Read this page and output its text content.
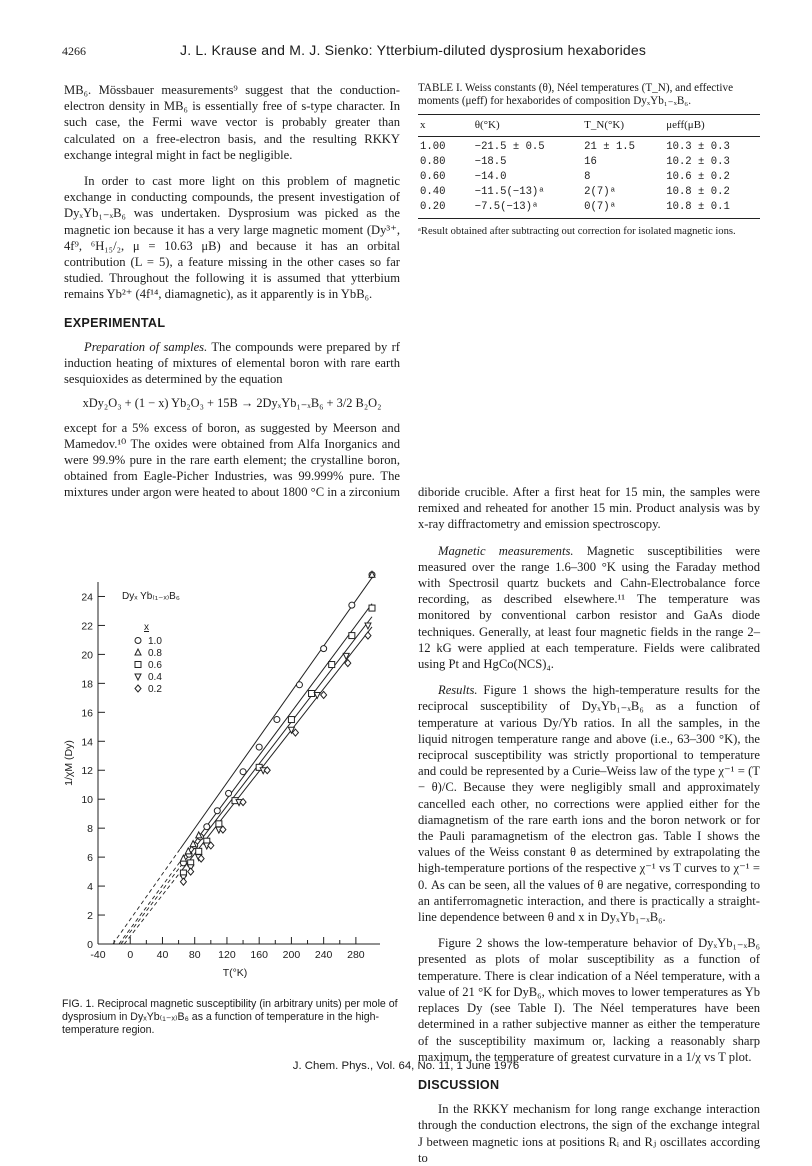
4266	J. L. Krause and M. J. Sienko: Ytterbium-diluted dysprosium hexaborides

MB₆. Mössbauer measurements⁹ suggest that the conduction-electron density in MB₆ is essentially free of s-type character. In such case, the Fermi wave vector is probably greater than calculated on a free-electron basis, and the resulting RKKY exchange integral might in fact be negligible.

In order to cast more light on this problem of magnetic exchange in conducting compounds, the present investigation of DyₓYb₁₋ₓB₆ was undertaken. Dysprosium was picked as the magnetic ion because it has a very large magnetic moment (Dy³⁺, 4f⁹, ⁶H₁₅/₂, μ = 10.63 μB) and because it has an orbital contribution (L = 5), a feature missing in the other cases so far studied. Throughout the following it is assumed that ytterbium remains Yb²⁺ (4f¹⁴, diamagnetic), as it apparently is in YbB₆.

EXPERIMENTAL

Preparation of samples. The compounds were prepared by rf induction heating of mixtures of elemental boron with rare earth sesquioxides as determined by the equation

xDy₂O₃ + (1 − x) Yb₂O₃ + 15B → 2DyₓYb₁₋ₓB₆ + 3/2 B₂O₂

except for a 5% excess of boron, as suggested by Meerson and Mamedov.¹⁰ The oxides were obtained from Alfa Inorganics and were 99.9% pure in the rare earth element; the crystalline boron, obtained from Eagle-Picher Industries, was 99.999% pure. The mixtures under argon were heated to about 1800 °C in a zirconium

TABLE I. Weiss constants (θ), Néel temperatures (T_N), and effective moments (μeff) for hexaborides of composition DyₓYb₁₋ₓB₆.
x	θ(°K)	T_N(°K)	μeff(μB)
1.00	−21.5 ± 0.5	21 ± 1.5	10.3 ± 0.3
0.80	−18.5	16	10.2 ± 0.3
0.60	−14.0	8	10.6 ± 0.2
0.40	−11.5(−13)ᵃ	2(7)ᵃ	10.8 ± 0.2
0.20	−7.5(−13)ᵃ	0(7)ᵃ	10.8 ± 0.1
ᵃResult obtained after subtracting out correction for isolated magnetic ions.

diboride crucible. After a first heat for 15 min, the samples were remixed and reheated for another 15 min. Product analysis was by x-ray diffractometry and emission spectroscopy.

Magnetic measurements. Magnetic susceptibilities were measured over the range 1.6–300 °K using the Faraday method with Spectrosil quartz buckets and Cahn-Electrobalance force recording, as described elsewhere.¹¹ The temperature was monitored by conventional carbon resistor and GaAs diode techniques. Generally, at least four magnetic fields in the range 2–12 kG were applied at each temperature. Fields were calibrated using Pt and HgCo(NCS)₄.

Results. Figure 1 shows the high-temperature results for the reciprocal susceptibility of DyₓYb₁₋ₓB₆ as a function of temperature at various Dy/Yb ratios. In all the samples, in the liquid nitrogen temperature range and above (i.e., 63–300 °K), the reciprocal susceptibility was strictly proportional to temperature and could be represented by a Curie–Weiss law of the type χ⁻¹ = (T − θ)/C. Because they were negligibly small and approximately cancelled each other, no corrections were applied either for the diamagnetism of the rare earth ions and the boron network or for the Pauli paramagnetism of the electron gas. Table I shows the values of the Weiss constant θ as determined by extrapolating the high-temperature portions of the respective χ⁻¹ vs T curves to χ⁻¹ = 0. As can be seen, all the values of θ are negative, corresponding to an antiferromagnetic interaction, and there is practically a straight-line dependence between θ and x in DyₓYb₁₋ₓB₆.

Figure 2 shows the low-temperature behavior of DyₓYb₁₋ₓB₆ presented as plots of molar susceptibility as a function of temperature. There is clear indication of a Néel temperature, with a value of 21 °K for DyB₆, which moves to lower temperatures as Yb replaces Dy (see Table I). The Néel temperatures have been determined in a rather subjective manner as either the temperature of the susceptibility maximum or, lacking a reasonably sharp maximum, the temperature of greatest curvature in a 1/χ vs T plot.

DISCUSSION

In the RKKY mechanism for long range exchange interaction through the conduction electrons, the sign of the exchange integral J between magnetic ions at positions Rᵢ and Rⱼ oscillates according to

-40 0 40 80 120 160 200 240 280
0
2
4
6
8
10
12
14
16
18
20
22
24
T(°K)
1/χM (Dy)
Dyₓ Yb₍₁₋ₓ₎B₆
x
1.0
0.8
0.6
0.4
0.2
FIG. 1. Reciprocal magnetic susceptibility (in arbitrary units) per mole of dysprosium in DyₓYb₍₁₋ₓ₎B₆ as a function of temperature in the high-temperature region.
J. Chem. Phys., Vol. 64, No. 11, 1 June 1976
